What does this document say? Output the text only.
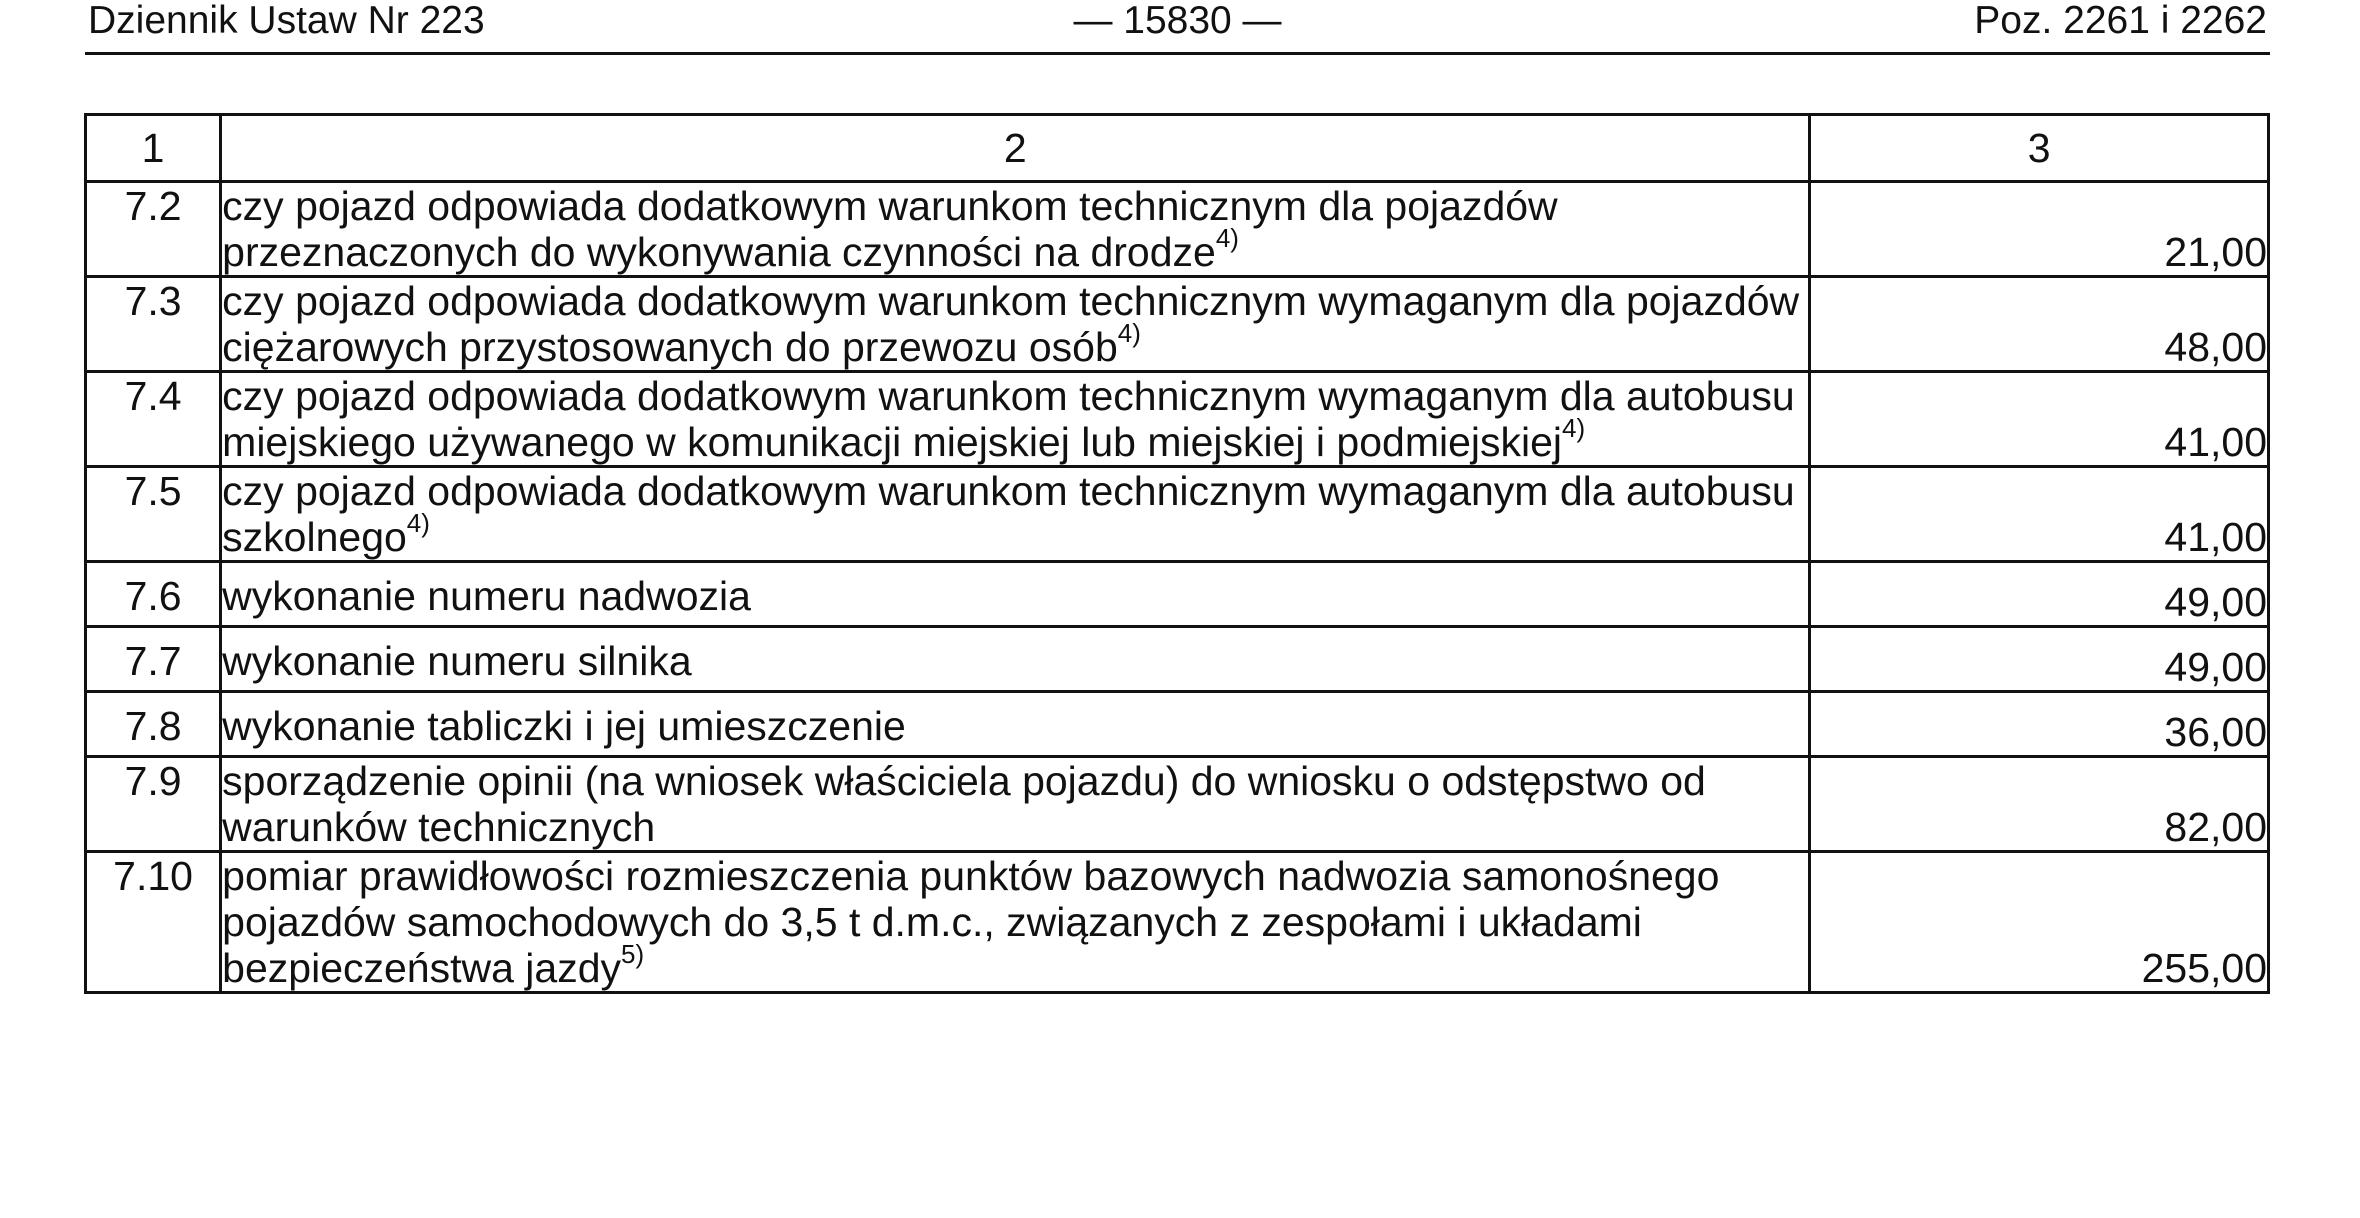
Dziennik Ustaw Nr 223	— 15830 —	Poz. 2261 i 2262
1	2	3
7.2	czy pojazd odpowiada dodatkowym warunkom technicznym dla pojazdów przeznaczonych do wykonywania czynności na drodze$^{4)}$	21,00
7.3	czy pojazd odpowiada dodatkowym warunkom technicznym wymaganym dla pojazdów ciężarowych przystosowanych do przewozu osób$^{4)}$	48,00
7.4	czy pojazd odpowiada dodatkowym warunkom technicznym wymaganym dla autobusu miejskiego używanego w komunikacji miejskiej lub miejskiej i podmiejskiej$^{4)}$	41,00
7.5	czy pojazd odpowiada dodatkowym warunkom technicznym wymaganym dla autobusu szkolnego$^{4)}$	41,00
7.6	wykonanie numeru nadwozia	49,00
7.7	wykonanie numeru silnika	49,00
7.8	wykonanie tabliczki i jej umieszczenie	36,00
7.9	sporządzenie opinii (na wniosek właściciela pojazdu) do wniosku o odstępstwo od warunków technicznych	82,00
7.10	pomiar prawidłowości rozmieszczenia punktów bazowych nadwozia samonośnego pojazdów samochodowych do 3,5 t d.m.c., związanych z zespołami i układami bezpieczeństwa jazdy$^{5)}$	255,00
